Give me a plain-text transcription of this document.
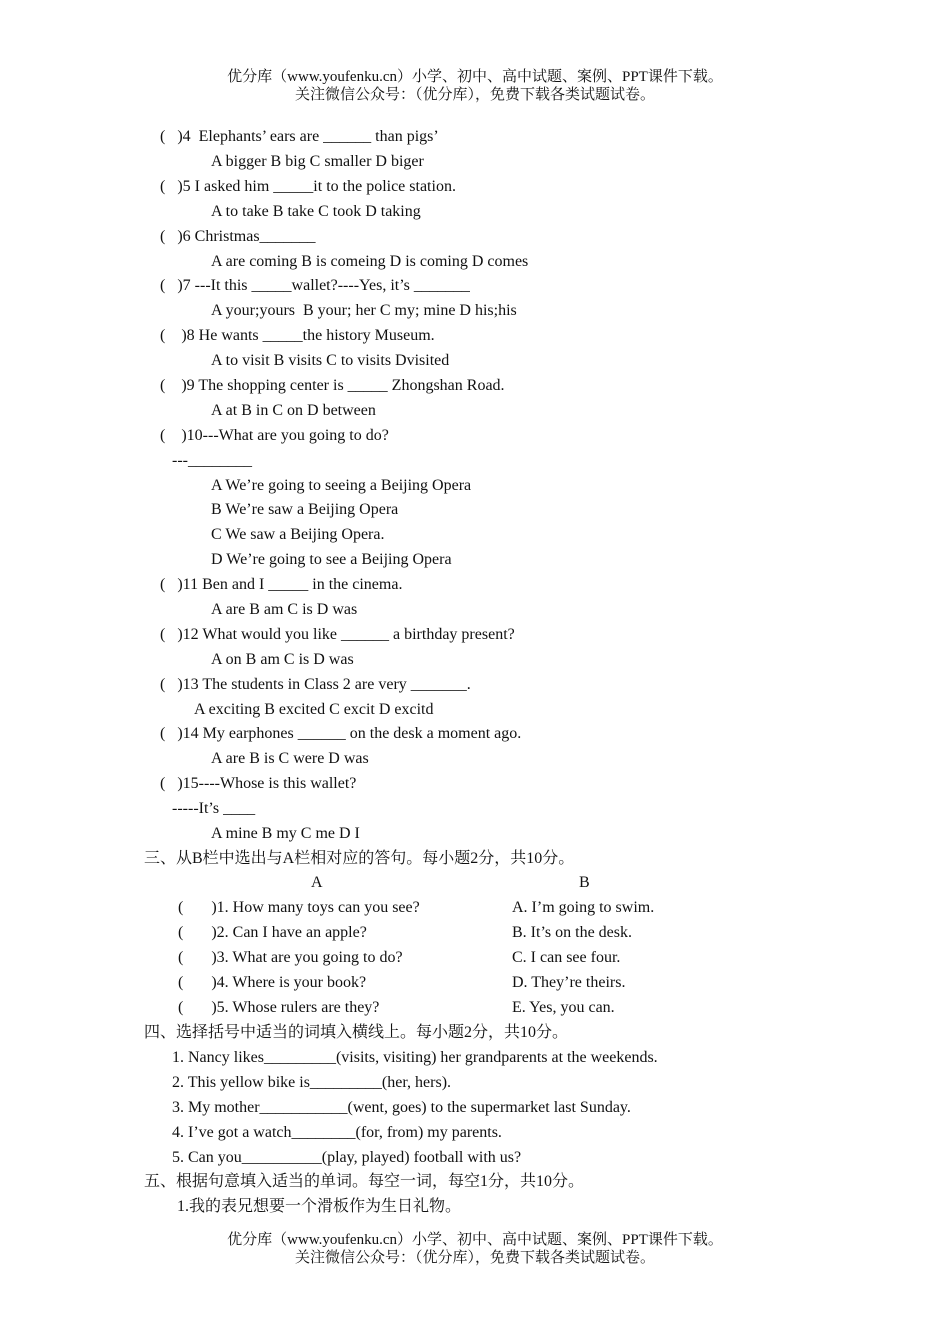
优分库（www.youfenku.cn）小学、初中、高中试题、案例、PPT课件下载。
关注微信公众号：（优分库），免费下载各类试题试卷。
(   )4  Elephants’ ears are ______ than pigs’
A bigger B big C smaller D biger
(   )5 I asked him _____it to the police station.
A to take B take C took D taking
(   )6 Christmas_______
A are coming B is comeing D is coming D comes
(   )7 ---It this _____wallet?----Yes, it’s _______
A your;yours  B your; her C my; mine D his;his
(    )8 He wants _____the history Museum.
A to visit B visits C to visits Dvisited
(    )9 The shopping center is _____ Zhongshan Road.
A at B in C on D between
(    )10---What are you going to do?
---________
A We’re going to seeing a Beijing Opera
B We’re saw a Beijing Opera
C We saw a Beijing Opera.
D We’re going to see a Beijing Opera
(   )11 Ben and I _____ in the cinema.
A are B am C is D was
(   )12 What would you like ______ a birthday present?
A on B am C is D was
(   )13 The students in Class 2 are very _______.
A exciting B excited C excit D excitd
(   )14 My earphones ______ on the desk a moment ago.
A are B is C were D was
(   )15----Whose is this wallet?
-----It’s ____
A mine B my C me D I
三、从B栏中选出与A栏相对应的答句。每小题2分，共10分。
A	B
(       )1. How many toys can you see?	A. I’m going to swim.
(       )2. Can I have an apple?	B. It’s on the desk.
(       )3. What are you going to do?	C. I can see four.
(       )4. Where is your book?	D. They’re theirs.
(       )5. Whose rulers are they?	E. Yes, you can.
四、选择括号中适当的词填入横线上。每小题2分，共10分。
1. Nancy likes_________(visits, visiting) her grandparents at the weekends.
2. This yellow bike is_________(her, hers).
3. My mother___________(went, goes) to the supermarket last Sunday.
4. I’ve got a watch________(for, from) my parents.
5. Can you__________(play, played) football with us?
五、根据句意填入适当的单词。每空一词，每空1分，共10分。
1.我的表兄想要一个滑板作为生日礼物。
优分库（www.youfenku.cn）小学、初中、高中试题、案例、PPT课件下载。
关注微信公众号：（优分库），免费下载各类试题试卷。
